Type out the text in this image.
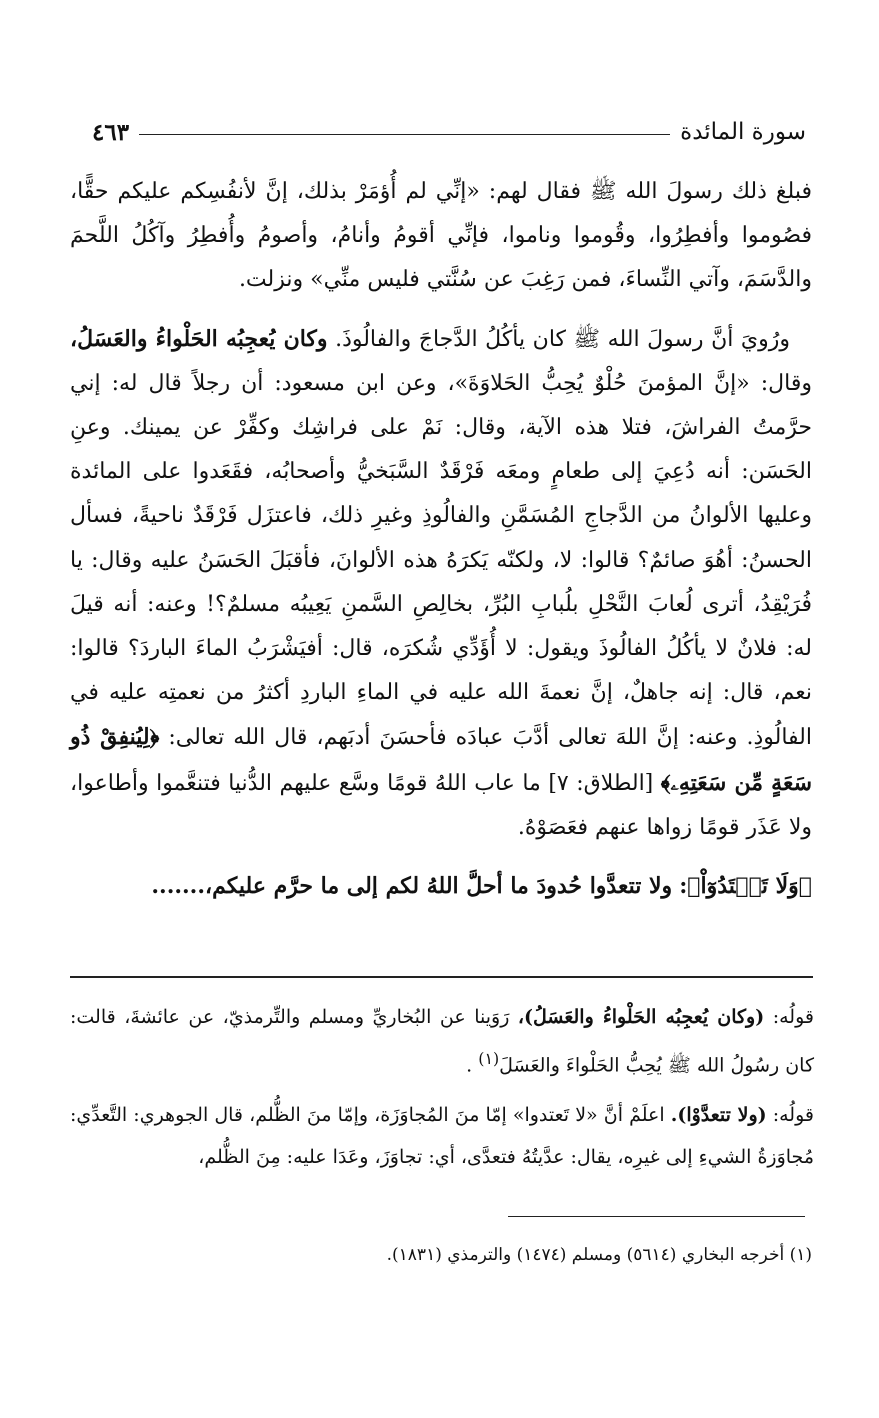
سورة المائدة
٤٦٣

فبلغ ذلك رسولَ الله ﷺ فقال لهم: «إنِّي لم أُؤمَرْ بذلك، إنَّ لأنفُسِكم عليكم حقًّا، فصُوموا وأفطِرُوا، وقُوموا وناموا، فإنِّي أقومُ وأنامُ، وأصومُ وأُفطِرُ وآكُلُ اللَّحمَ والدَّسَمَ، وآتي النِّساءَ، فمن رَغِبَ عن سُنَّتي فليس منِّي» ونزلت.

ورُويَ أنَّ رسولَ الله ﷺ كان يأكُلُ الدَّجاجَ والفالُوذَ. وكان يُعجِبُه الحَلْواءُ والعَسَلُ، وقال: «إنَّ المؤمنَ حُلْوٌ يُحِبُّ الحَلاوَةَ»، وعن ابن مسعود: أن رجلاً قال له: إني حرَّمتُ الفراشَ، فتلا هذه الآية، وقال: نَمْ على فراشِك وكفِّرْ عن يمينك. وعنِ الحَسَن: أنه دُعِيَ إلى طعامٍ ومعَه فَرْقَدٌ السَّبَخيُّ وأصحابُه، فقَعَدوا على المائدة وعليها الألوانُ من الدَّجاجِ المُسَمَّنِ والفالُوذِ وغيرِ ذلك، فاعتزَل فَرْقَدٌ ناحيةً، فسأل الحسنُ: أهُوَ صائمٌ؟ قالوا: لا، ولكنّه يَكرَهُ هذه الألوانَ، فأقبَلَ الحَسَنُ عليه وقال: يا فُرَيْقِدُ، أترى لُعابَ النَّحْلِ بلُبابِ البُرِّ، بخالِصِ السَّمنِ يَعِيبُه مسلمٌ؟! وعنه: أنه قيلَ له: فلانٌ لا يأكُلُ الفالُوذَ ويقول: لا أُؤَدِّي شُكرَه، قال: أفيَشْرَبُ الماءَ الباردَ؟ قالوا: نعم، قال: إنه جاهلٌ، إنَّ نعمةَ الله عليه في الماءِ الباردِ أكثرُ من نعمتِه عليه في الفالُوذِ. وعنه: إنَّ اللهَ تعالى أدَّبَ عبادَه فأحسَنَ أدبَهم، قال الله تعالى: ﴿لِيُنفِقْ ذُو سَعَةٍ مِّن سَعَتِهِۦ﴾ [الطلاق: ٧] ما عاب اللهُ قومًا وسَّع عليهم الدُّنيا فتنعَّموا وأطاعوا، ولا عَذَر قومًا زواها عنهم فعَصَوْهُ.

﴿وَلَا تَعۡتَدُوٓاْ﴾: ولا تتعدَّوا حُدودَ ما أحلَّ اللهُ لكم إلى ما حرَّم عليكم،.......

قولُه: (وكان يُعجِبُه الحَلْواءُ والعَسَلُ)، رَوَينا عن البُخاريِّ ومسلم والتِّرمذيّ، عن عائشةَ، قالت: كان رسُولُ الله ﷺ يُحِبُّ الحَلْواءَ والعَسَلَ$^{(١)}$ .

قولُه: (ولا تتعدَّوْا). اعلَمْ أنَّ «لا تَعتدوا» إمّا منَ المُجاوَزَة، وإمّا منَ الظُّلم، قال الجوهري: التَّعدِّي: مُجاوَزةُ الشيءِ إلى غيرِه، يقال: عدَّيتُهُ فتعدَّى، أي: تجاوَزَ، وعَدَا عليه: مِنَ الظُّلم،

(١) أخرجه البخاري (٥٦١٤) ومسلم (١٤٧٤) والترمذي (١٨٣١).
